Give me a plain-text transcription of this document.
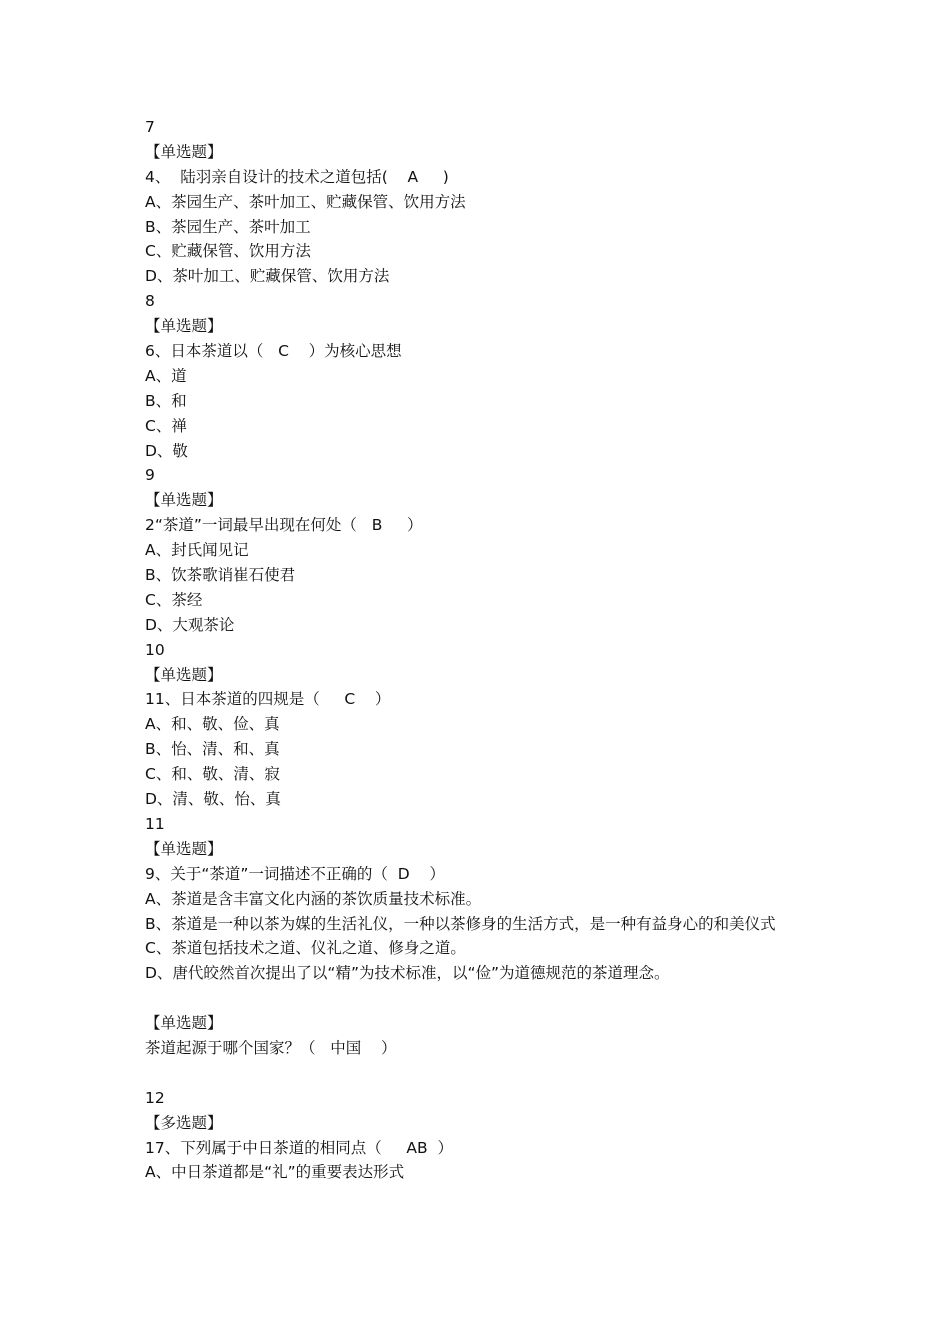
7
【单选题】
4、  陆羽亲自设计的技术之道包括(    A     )
A、茶园生产、茶叶加工、贮藏保管、饮用方法
B、茶园生产、茶叶加工
C、贮藏保管、饮用方法
D、茶叶加工、贮藏保管、饮用方法
8
【单选题】
6、日本茶道以（   C    ）为核心思想
A、道
B、和
C、禅
D、敬
9
【单选题】
2“茶道”一词最早出现在何处（   B     ）
A、封氏闻见记
B、饮茶歌诮崔石使君
C、茶经
D、大观茶论
10
【单选题】
11、日本茶道的四规是（     C    ）
A、和、敬、俭、真
B、怡、清、和、真
C、和、敬、清、寂
D、清、敬、怡、真
11
【单选题】
9、关于“茶道”一词描述不正确的（  D    ）
A、茶道是含丰富文化内涵的茶饮质量技术标准。
B、茶道是一种以茶为媒的生活礼仪，一种以茶修身的生活方式，是一种有益身心的和美仪式
C、茶道包括技术之道、仪礼之道、修身之道。
D、唐代皎然首次提出了以“精”为技术标准，以“俭”为道德规范的茶道理念。
【单选题】
茶道起源于哪个国家？（   中国    ）
12
【多选题】
17、下列属于中日茶道的相同点（     AB  ）
A、中日茶道都是“礼”的重要表达形式
